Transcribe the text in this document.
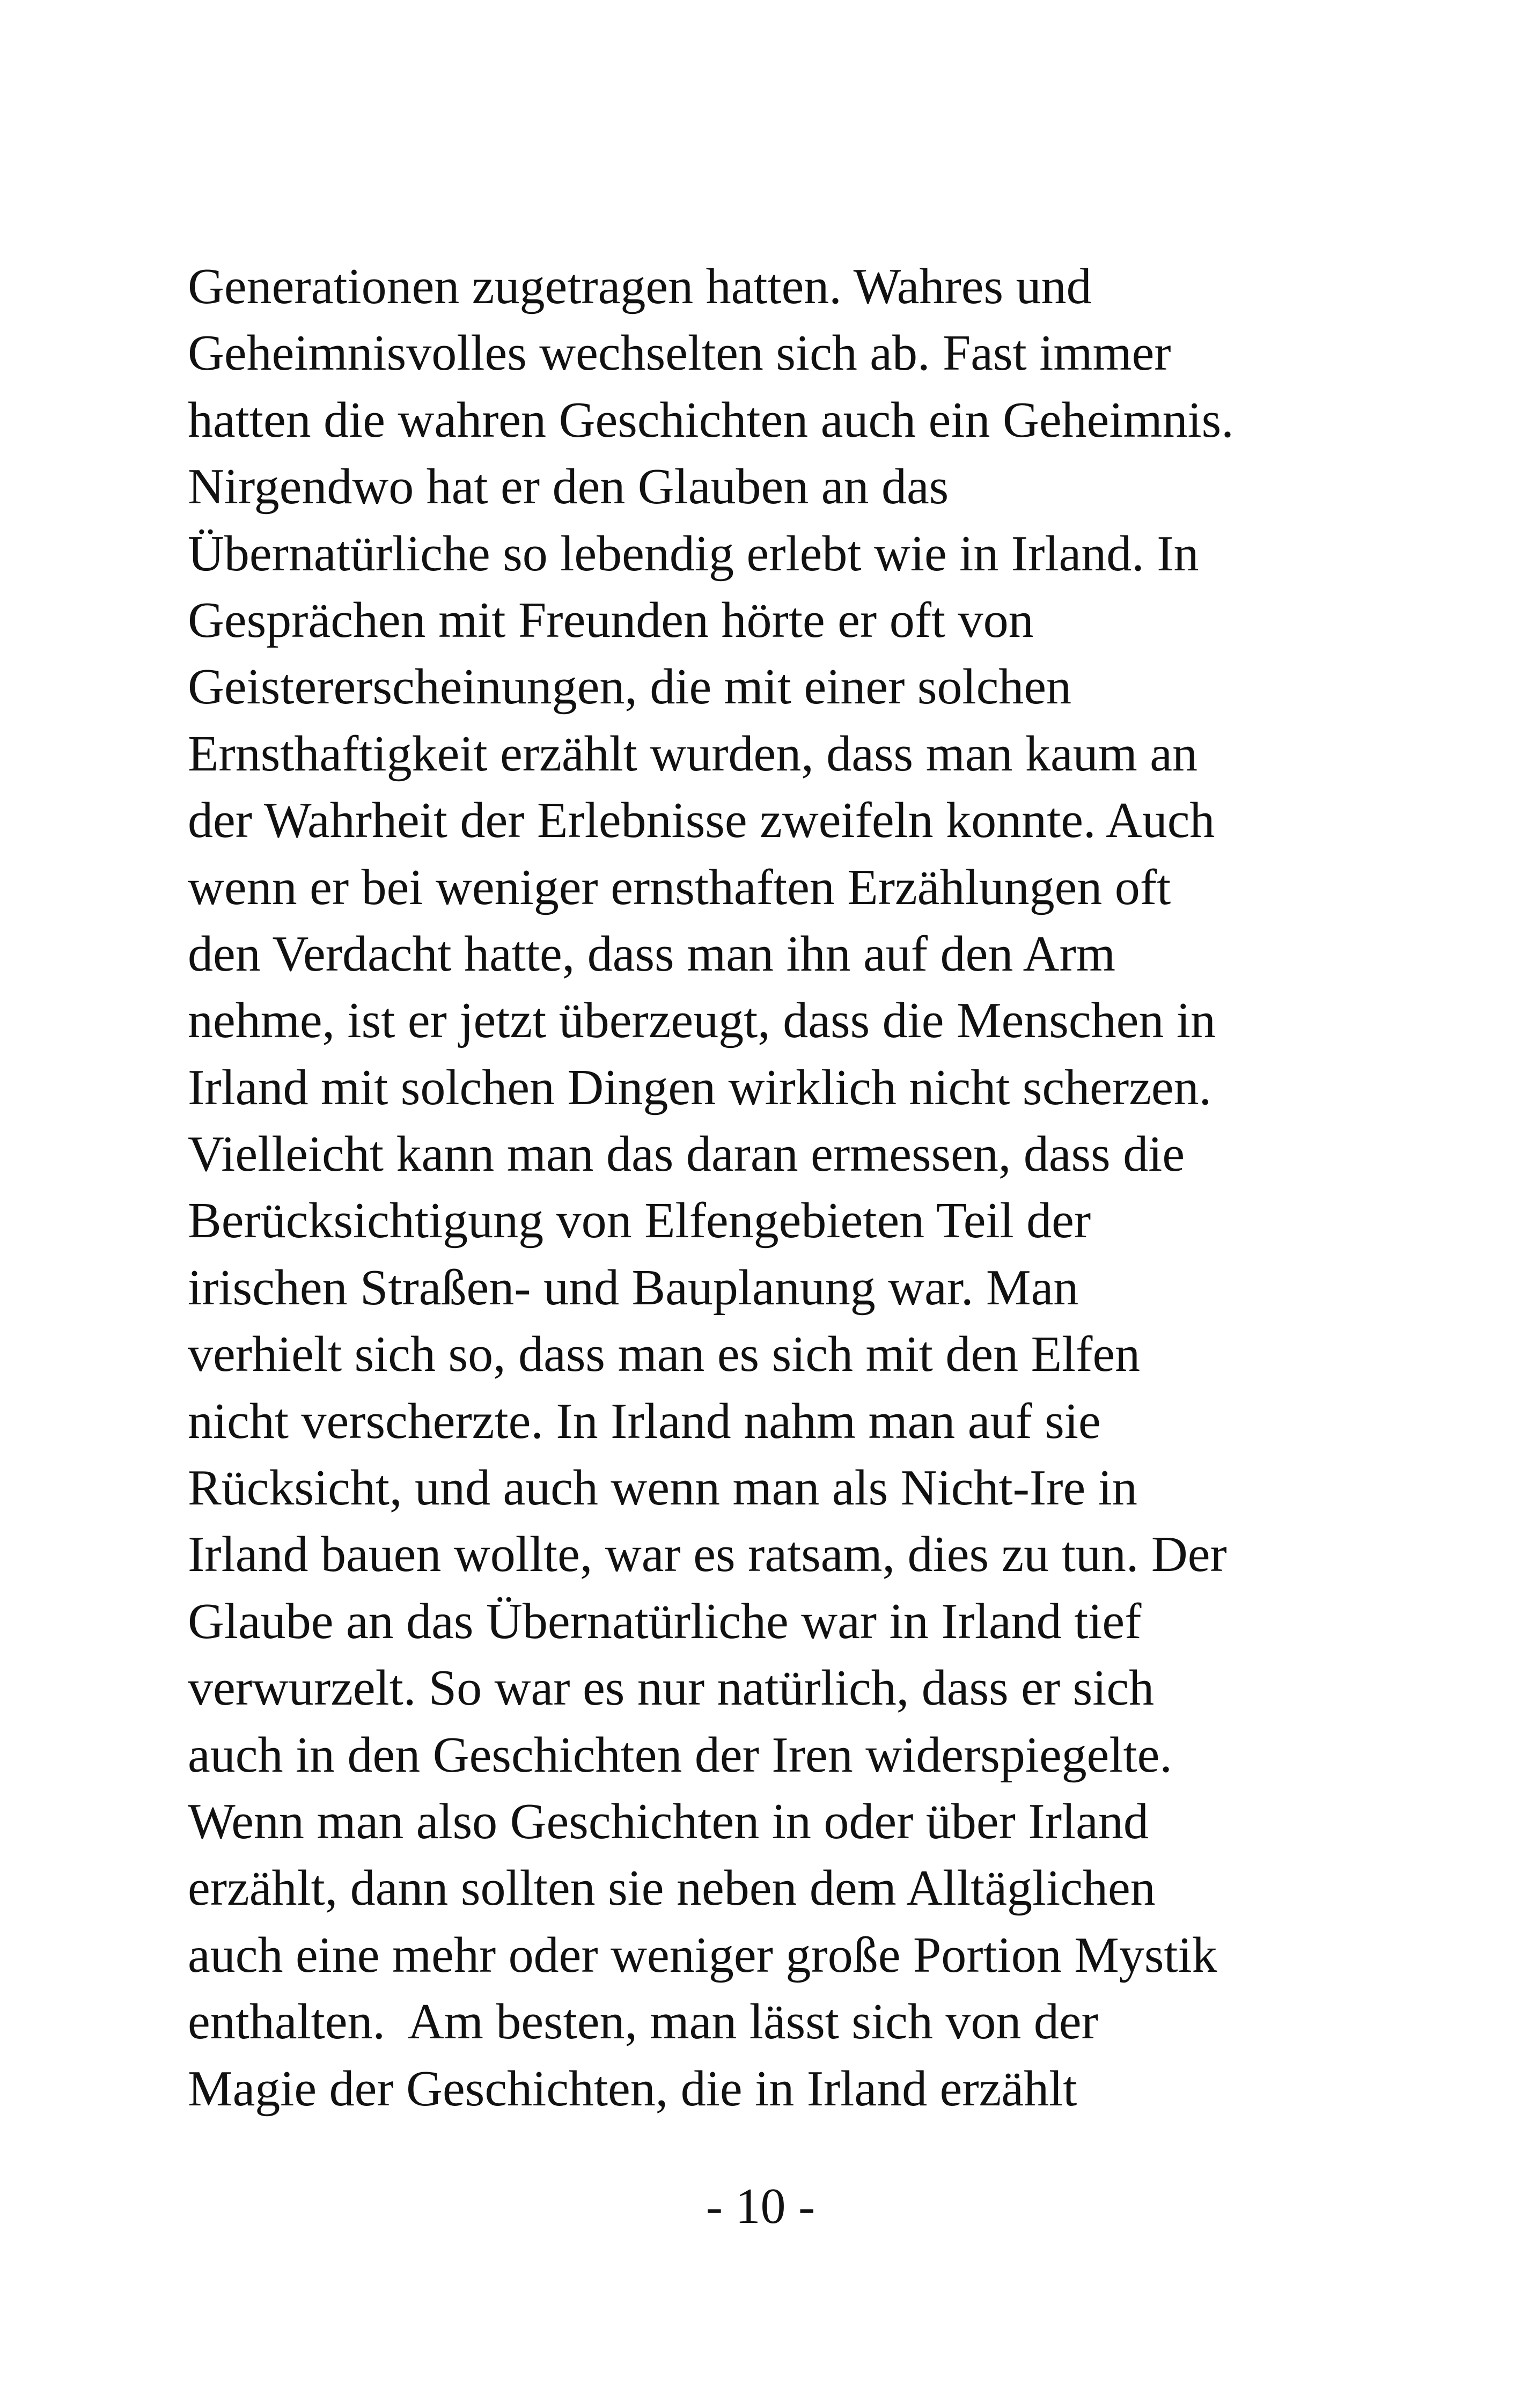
Generationen zugetragen hatten. Wahres und
Geheimnisvolles wechselten sich ab. Fast immer
hatten die wahren Geschichten auch ein Geheimnis.
Nirgendwo hat er den Glauben an das
Übernatürliche so lebendig erlebt wie in Irland. In
Gesprächen mit Freunden hörte er oft von
Geistererscheinungen, die mit einer solchen
Ernsthaftigkeit erzählt wurden, dass man kaum an
der Wahrheit der Erlebnisse zweifeln konnte. Auch
wenn er bei weniger ernsthaften Erzählungen oft
den Verdacht hatte, dass man ihn auf den Arm
nehme, ist er jetzt überzeugt, dass die Menschen in
Irland mit solchen Dingen wirklich nicht scherzen.
Vielleicht kann man das daran ermessen, dass die
Berücksichtigung von Elfengebieten Teil der
irischen Straßen- und Bauplanung war. Man
verhielt sich so, dass man es sich mit den Elfen
nicht verscherzte. In Irland nahm man auf sie
Rücksicht, und auch wenn man als Nicht-Ire in
Irland bauen wollte, war es ratsam, dies zu tun. Der
Glaube an das Übernatürliche war in Irland tief
verwurzelt. So war es nur natürlich, dass er sich
auch in den Geschichten der Iren widerspiegelte.
Wenn man also Geschichten in oder über Irland
erzählt, dann sollten sie neben dem Alltäglichen
auch eine mehr oder weniger große Portion Mystik
enthalten.  Am besten, man lässt sich von der
Magie der Geschichten, die in Irland erzählt
- 10 -
